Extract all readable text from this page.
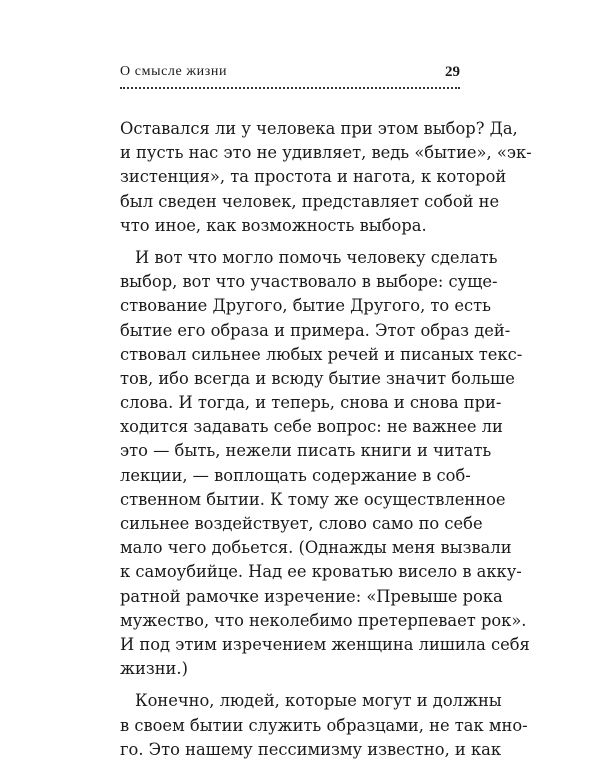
О смысле жизни	29
Оставался ли у человека при этом выбор? Да,
и пусть нас это не удивляет, ведь «бытие», «эк-
зистенция», та простота и нагота, к которой
был сведен человек, представляет собой не
что иное, как возможность выбора.
И вот что могло помочь человеку сделать
выбор, вот что участвовало в выборе: суще-
ствование Другого, бытие Другого, то есть
бытие его образа и примера. Этот образ дей-
ствовал сильнее любых речей и писаных текс-
тов, ибо всегда и всюду бытие значит больше
слова. И тогда, и теперь, снова и снова при-
ходится задавать себе вопрос: не важнее ли
это — быть, нежели писать книги и читать
лекции, — воплощать содержание в соб-
ственном бытии. К тому же осуществленное
сильнее воздействует, слово само по себе
мало чего добьется. (Однажды меня вызвали
к самоубийце. Над ее кроватью висело в акку-
ратной рамочке изречение: «Превыше рока
мужество, что неколебимо претерпевает рок».
И под этим изречением женщина лишила себя
жизни.)
Конечно, людей, которые могут и должны
в своем бытии служить образцами, не так мно-
го. Это нашему пессимизму известно, и как
